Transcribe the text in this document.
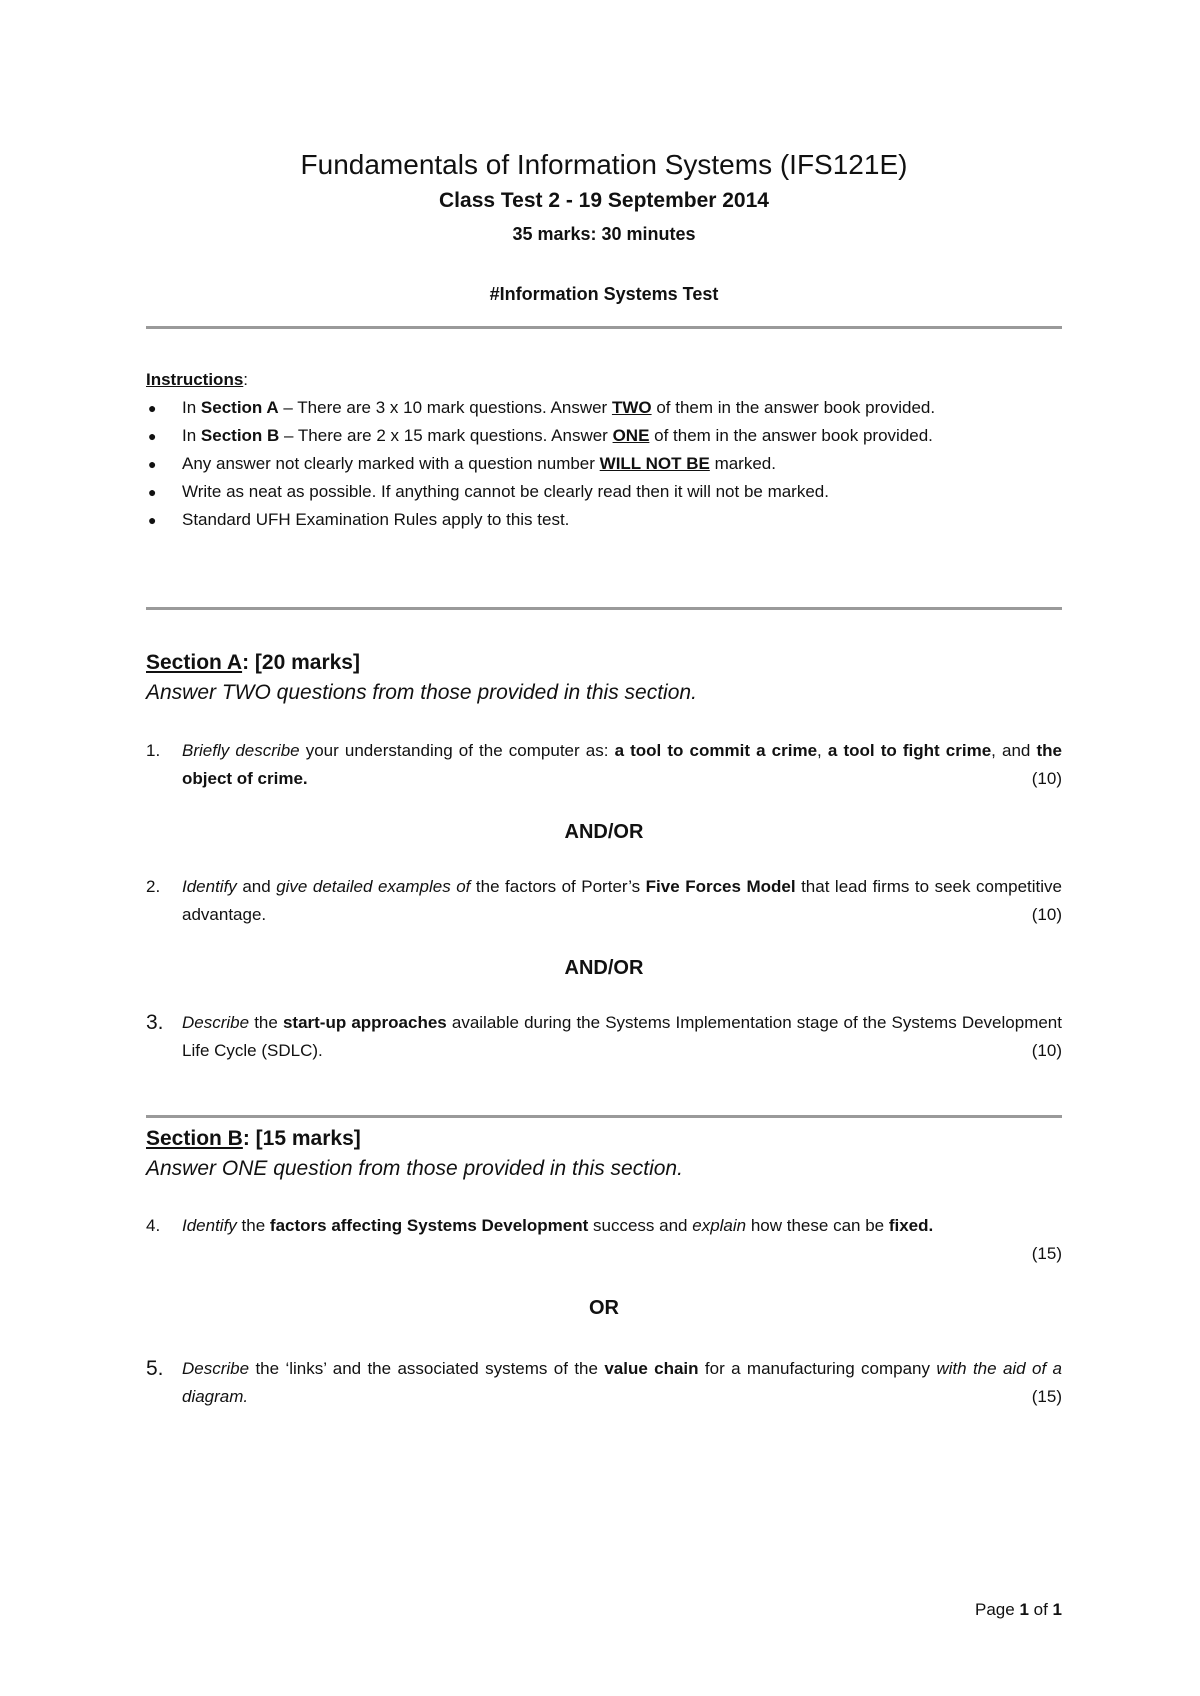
Fundamentals of Information Systems (IFS121E)
Class Test 2 - 19 September 2014
35 marks: 30 minutes
#Information Systems Test
Instructions:
● In Section A – There are 3 x 10 mark questions. Answer TWO of them in the answer book provided.
● In Section B – There are 2 x 15 mark questions. Answer ONE of them in the answer book provided.
● Any answer not clearly marked with a question number WILL NOT BE marked.
● Write as neat as possible. If anything cannot be clearly read then it will not be marked.
● Standard UFH Examination Rules apply to this test.
Section A: [20 marks]
Answer TWO questions from those provided in this section.
1. Briefly describe your understanding of the computer as: a tool to commit a crime, a tool to fight crime, and the object of crime.	(10)
AND/OR
2. Identify and give detailed examples of the factors of Porter’s Five Forces Model that lead firms to seek competitive advantage.	(10)
AND/OR
3. Describe the start-up approaches available during the Systems Implementation stage of the Systems Development Life Cycle (SDLC).	(10)
Section B: [15 marks]
Answer ONE question from those provided in this section.
4. Identify the factors affecting Systems Development success and explain how these can be fixed.
(15)
OR
5. Describe the ‘links’ and the associated systems of the value chain for a manufacturing company with the aid of a diagram.	(15)
Page 1 of 1
